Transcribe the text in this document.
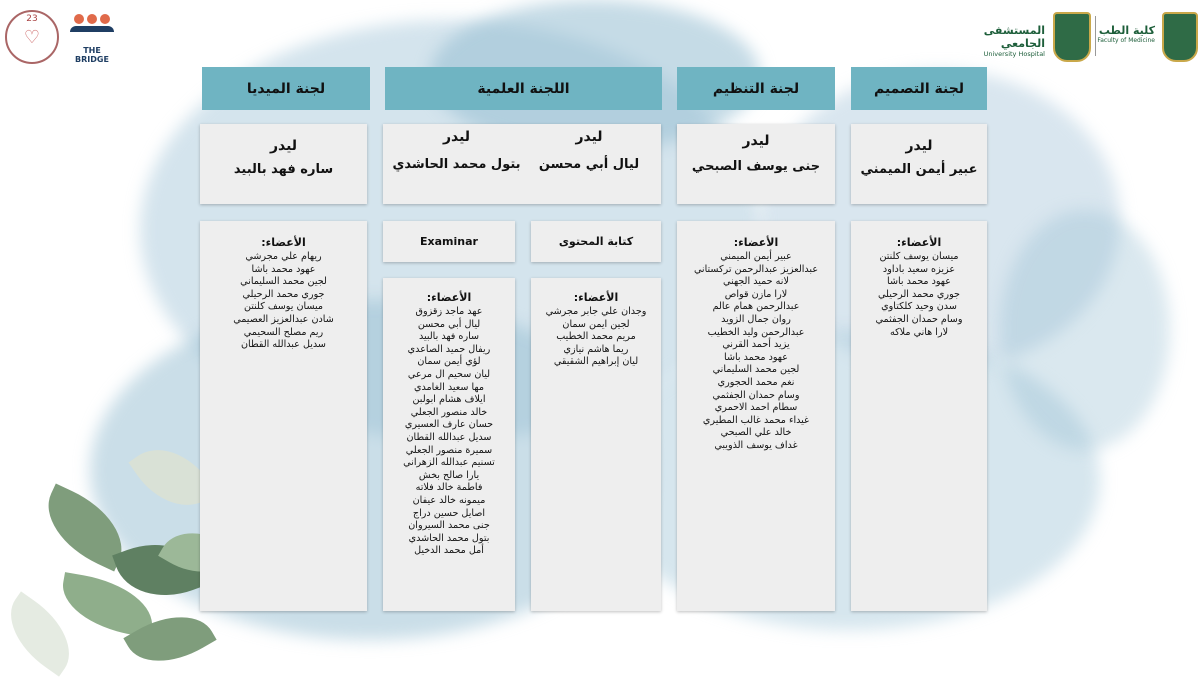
23
♡
THE BRIDGE
المستشفى الجامعي
University Hospital
كلية الطب
Faculty of Medicine
لجنة التصميم
لجنة التنظيم
اللجنة العلمية
لجنة الميديا
ليدر
عبير أيمن الميمني
ليدر
جنى يوسف الصبحي
ليدر
ليال أبي محسن
ليدر
بتول محمد الحاشدي
ليدر
ساره فهد بالبيد
كتابة المحتوى
Examinar	الأعضاء:
ميسان يوسف كلنتن
عزيزه سعيد باداود
عهود محمد باشا
جوري محمد الرحيلي
سدن وحيد كلكتاوي
وسام حمدان الجفثمي
لارا هاني ملاكه
الأعضاء:
عبير أيمن الميمني
عبدالعزيز عبدالرحمن تركستاني
لانه حميد الجهني
لارا مازن قواص
عبدالرحمن همام عالم
روان جمال الزويد
عبدالرحمن وليد الخطيب
يزيد أحمد القرني
عهود محمد باشا
لجين محمد السليماني
نغم محمد الحجوري
وسام حمدان الجفثمي
سطام احمد الاحمري
غيداء محمد غالب المطيري
خالد علي الصبحي
غداف يوسف الذويبي
الأعضاء:
وجدان علي جابر مجرشي
لجين ايمن سمان
مريم محمد الخطيب
ريما هاشم نيازي
ليان إبراهيم الشقيقي
الأعضاء:
عهد ماجد زقزوق
ليال أبي محسن
ساره فهد بالبيد
ريفال حميد الصاعدي
لؤي أيمن سمان
ليان سحيم ال مرعي
مها سعيد الغامدي
ايلاف هشام ابولبن
خالد منصور الجعلي
حسان عارف العسيري
سديل عبدالله القطان
سميرة منصور الجعلي
تسنيم عبدالله الزهراني
يارا صالح بخش
فاطمة خالد فلاته
ميمونه خالد عيفان
اصايل حسين دراج
جنى محمد السيروان
بتول محمد الحاشدي
أمل محمد الدخيل
الأعضاء:
ريهام علي مجرشي
عهود محمد باشا
لجين محمد السليماني
جوري محمد الرحيلي
ميسان يوسف كلنتن
شادن عبدالعزيز العصيمي
ريم مصلح السحيمي
سديل عبدالله القطان
